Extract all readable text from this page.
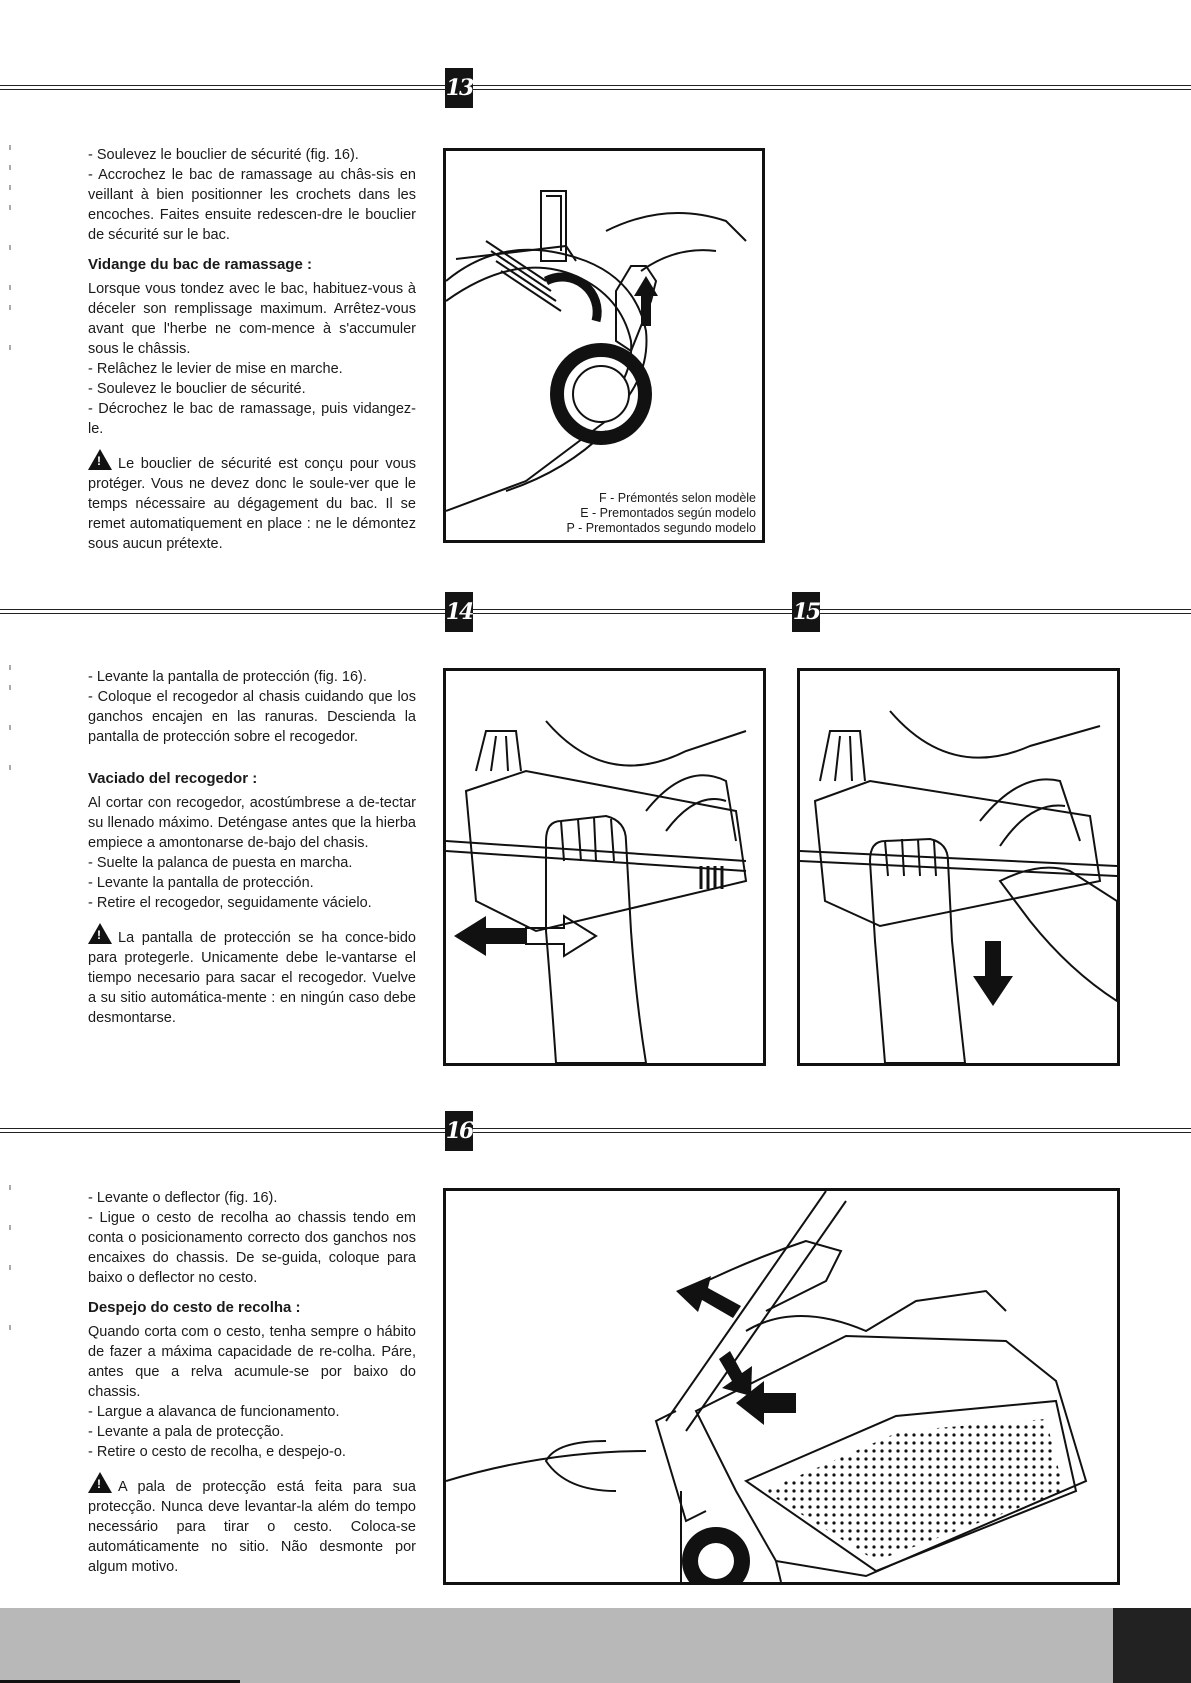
13

- Soulevez le bouclier de sécurité (fig. 16).

- Accrochez le bac de ramassage au châs-sis en veillant à bien positionner les crochets dans les encoches. Faites ensuite redescen-dre le bouclier de sécurité sur le bac.

Vidange du bac de ramassage :

Lorsque vous tondez avec le bac, habituez-vous à déceler son remplissage maximum. Arrêtez-vous avant que l'herbe ne com-mence à s'accumuler sous le châssis.

- Relâchez le levier de mise en marche.

- Soulevez le bouclier de sécurité.

- Décrochez le bac de ramassage, puis vidangez-le.

!Le bouclier de sécurité est conçu pour vous protéger. Vous ne devez donc le soule-ver que le temps nécessaire au dégagement du bac. Il se remet automatiquement en place : ne le démontez sous aucun prétexte.

F - Prémontés selon modèle
E - Premontados según modelo
P - Premontados segundo modelo
14	15

- Levante la pantalla de protección (fig. 16).

- Coloque el recogedor al chasis cuidando que los ganchos encajen en las ranuras. Descienda la pantalla de protección sobre el recogedor.

Vaciado del recogedor :

Al cortar con recogedor, acostúmbrese a de-tectar su llenado máximo. Deténgase antes que la hierba empiece a amontonarse de-bajo del chasis.

- Suelte la palanca de puesta en marcha.

- Levante la pantalla de protección.

- Retire el recogedor, seguidamente vácielo.

!La pantalla de protección se ha conce-bido para protegerle. Unicamente debe le-vantarse el tiempo necesario para sacar el recogedor. Vuelve a su sitio automática-mente : en ningún caso debe desmontarse.

16

- Levante o deflector (fig. 16).

- Ligue o cesto de recolha ao chassis tendo em conta o posicionamento correcto dos ganchos nos encaixes do chassis. De se-guida, coloque para baixo o deflector no cesto.

Despejo do cesto de recolha :

Quando corta com o cesto, tenha sempre o hábito de fazer a máxima capacidade de re-colha. Páre, antes que a relva acumule-se por baixo do chassis.

- Largue a alavanca de funcionamento.

- Levante a pala de protecção.

- Retire o cesto de recolha, e despejo-o.

!A pala de protecção está feita para sua protecção. Nunca deve levantar-la além do tempo necessário para tirar o cesto. Coloca-se automáticamente no sitio. Não desmonte por algum motivo.
